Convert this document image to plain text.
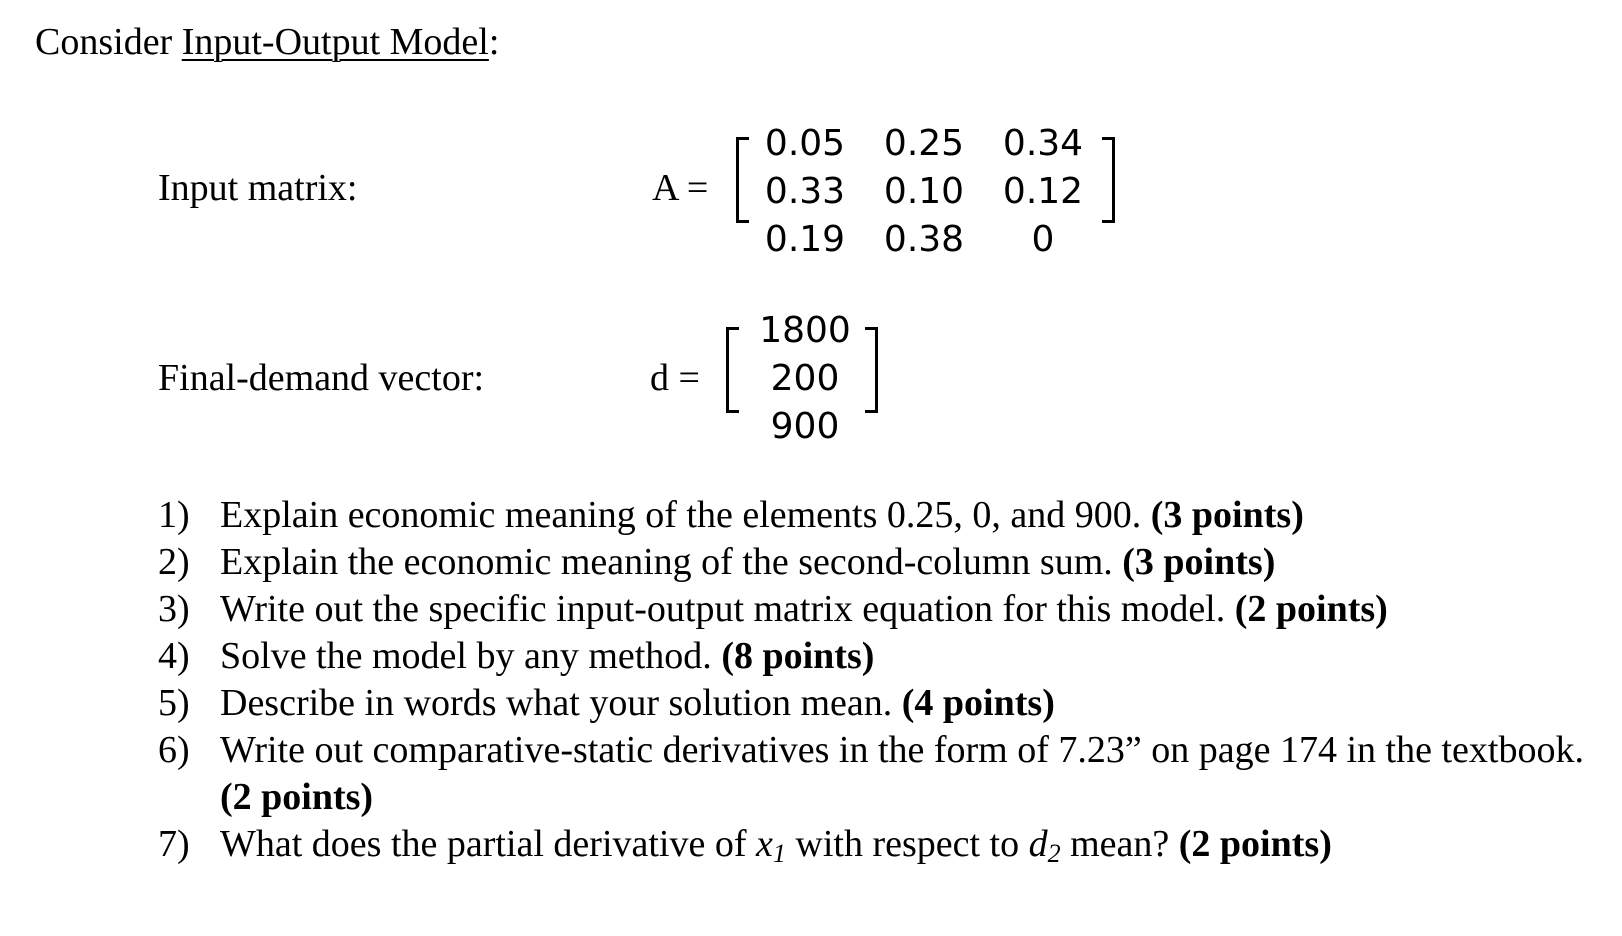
Consider Input-Output Model:
Input matrix:	A =
0.05 0.25 0.34
0.33 0.10 0.12
0.19 0.38	0
Final-demand vector:	d =
1800
200
900
1) Explain economic meaning of the elements 0.25, 0, and 900. (3 points)
2) Explain the economic meaning of the second-column sum. (3 points)
3) Write out the specific input-output matrix equation for this model. (2 points)
4) Solve the model by any method. (8 points)
5) Describe in words what your solution mean. (4 points)
6) Write out comparative-static derivatives in the form of 7.23” on page 174 in the textbook. (2 points)
7) What does the partial derivative of $x_1$ with respect to $d_2$ mean? (2 points)
